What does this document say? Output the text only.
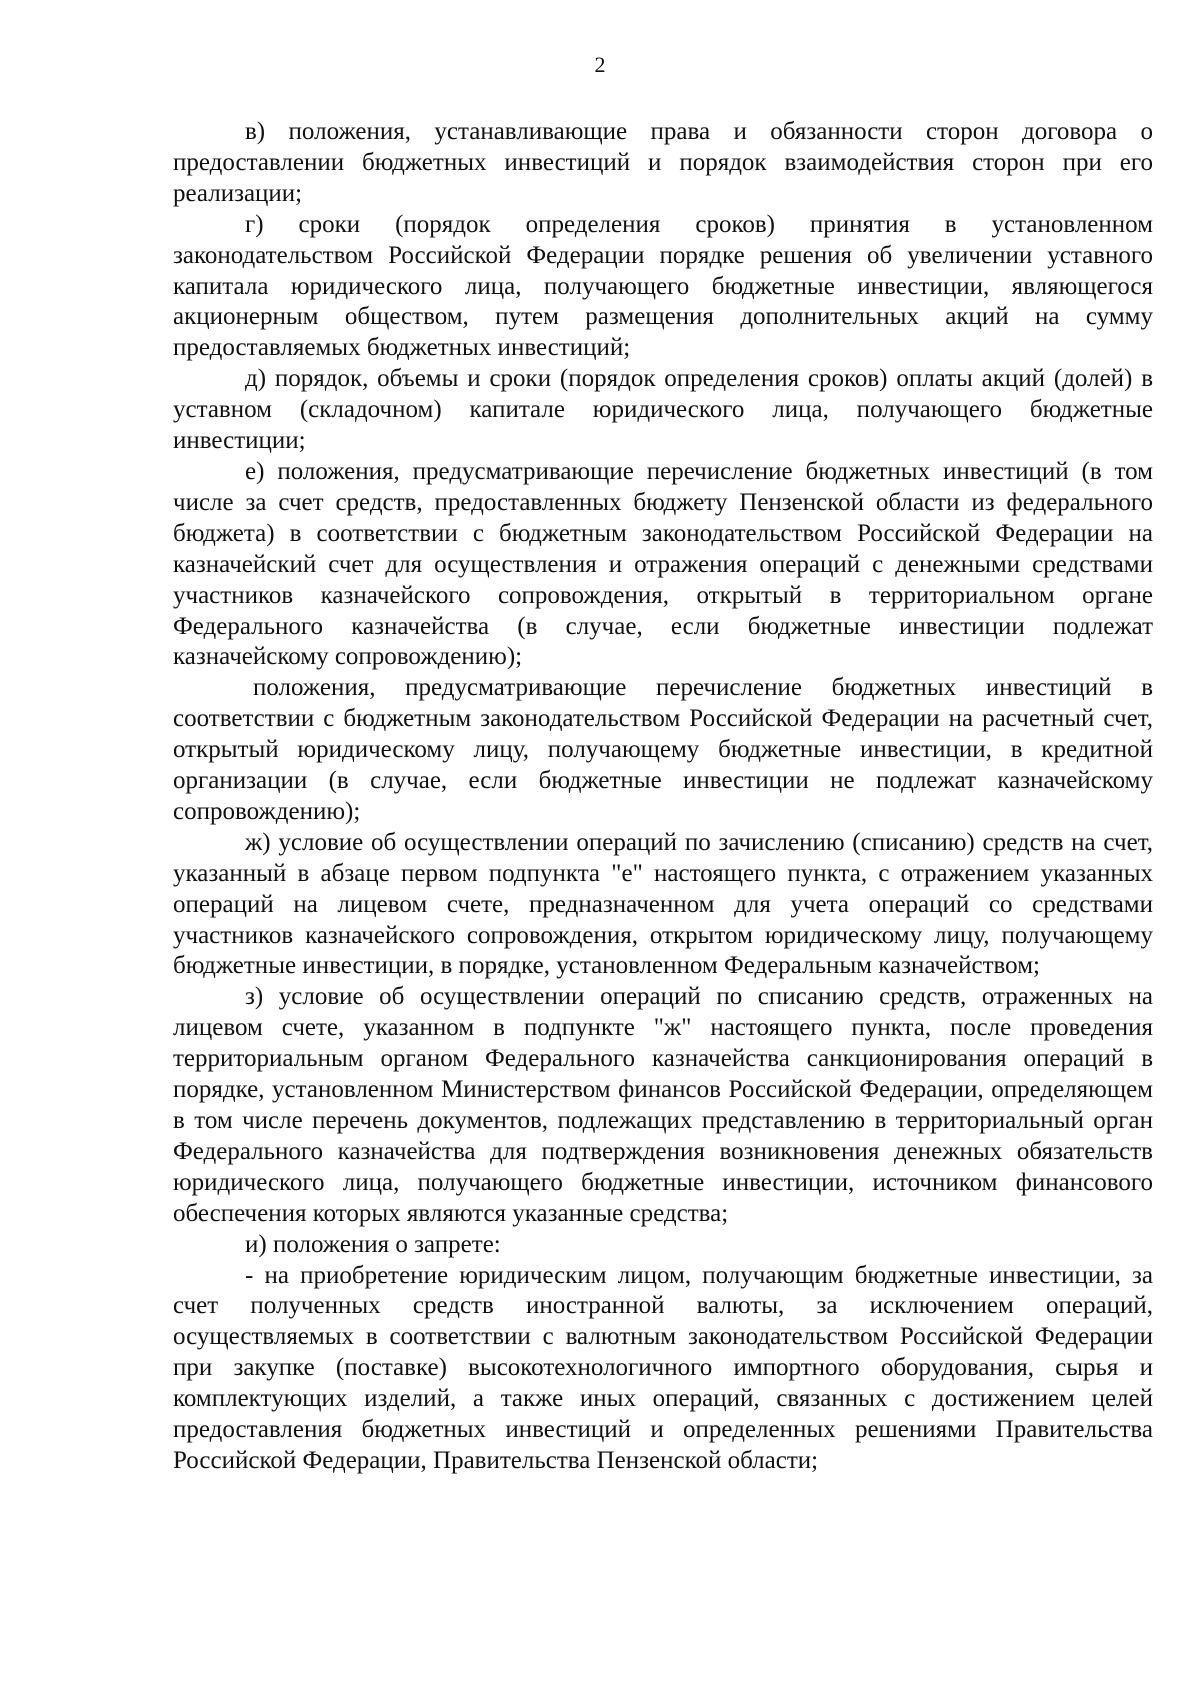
2

в) положения, устанавливающие права и обязанности сторон договора о предоставлении бюджетных инвестиций и порядок взаимодействия сторон при его реализации;

г) сроки (порядок определения сроков) принятия в установленном законодательством Российской Федерации порядке решения об увеличении уставного капитала юридического лица, получающего бюджетные инвестиции, являющегося акционерным обществом, путем размещения дополнительных акций на сумму предоставляемых бюджетных инвестиций;

д) порядок, объемы и сроки (порядок определения сроков) оплаты акций (долей) в уставном (складочном) капитале юридического лица, получающего бюджетные инвестиции;

е) положения, предусматривающие перечисление бюджетных инвестиций (в том числе за счет средств, предоставленных бюджету Пензенской области из федерального бюджета) в соответствии с бюджетным законодательством Российской Федерации на казначейский счет для осуществления и отражения операций с денежными средствами участников казначейского сопровождения, открытый в территориальном органе Федерального казначейства (в случае, если бюджетные инвестиции подлежат казначейскому сопровождению);

положения, предусматривающие перечисление бюджетных инвестиций в соответствии с бюджетным законодательством Российской Федерации на расчетный счет, открытый юридическому лицу, получающему бюджетные инвестиции, в кредитной организации (в случае, если бюджетные инвестиции не подлежат казначейскому сопровождению);

ж) условие об осуществлении операций по зачислению (списанию) средств на счет, указанный в абзаце первом подпункта "е" настоящего пункта, с отражением указанных операций на лицевом счете, предназначенном для учета операций со средствами участников казначейского сопровождения, открытом юридическому лицу, получающему бюджетные инвестиции, в порядке, установленном Федеральным казначейством;

з) условие об осуществлении операций по списанию средств, отраженных на лицевом счете, указанном в подпункте "ж" настоящего пункта, после проведения территориальным органом Федерального казначейства санкционирования операций в порядке, установленном Министерством финансов Российской Федерации, определяющем в том числе перечень документов, подлежащих представлению в территориальный орган Федерального казначейства для подтверждения возникновения денежных обязательств юридического лица, получающего бюджетные инвестиции, источником финансового обеспечения которых являются указанные средства;

и) положения о запрете:

- на приобретение юридическим лицом, получающим бюджетные инвестиции, за счет полученных средств иностранной валюты, за исключением операций, осуществляемых в соответствии с валютным законодательством Российской Федерации при закупке (поставке) высокотехнологичного импортного оборудования, сырья и комплектующих изделий, а также иных операций, связанных с достижением целей предоставления бюджетных инвестиций и определенных решениями Правительства Российской Федерации, Правительства Пензенской области;
